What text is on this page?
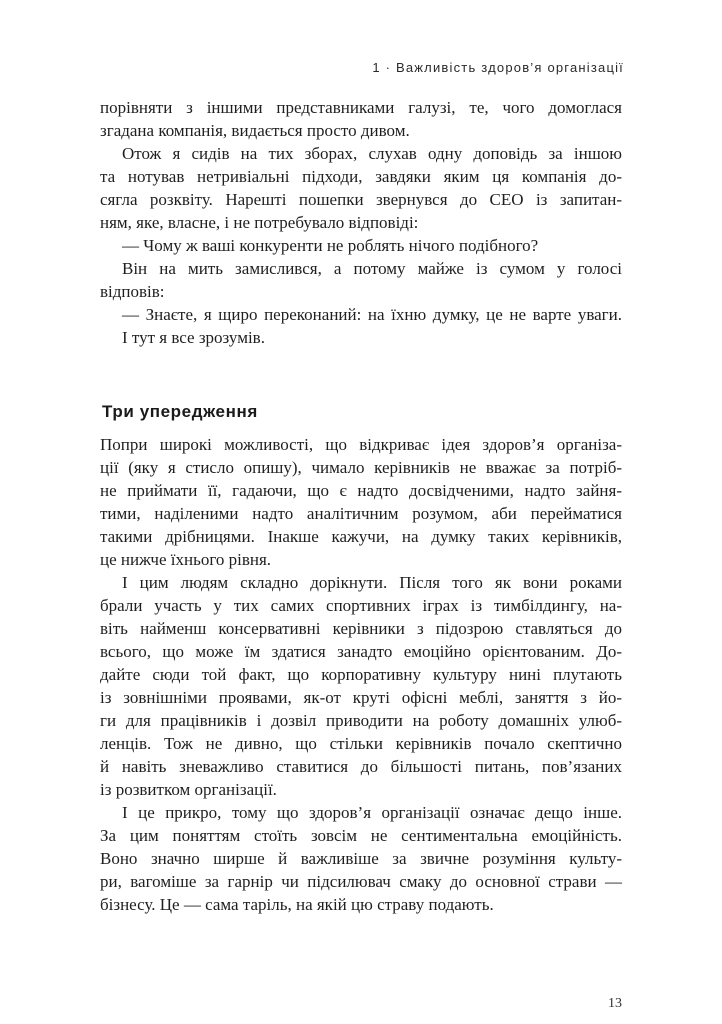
1 · Важливість здоров’я організації
порівняти з іншими представниками галузі, те, чого домоглася
згадана компанія, видається просто дивом.
Отож я сидів на тих зборах, слухав одну доповідь за іншою
та нотував нетривіальні підходи, завдяки яким ця компанія до-
сягла розквіту. Нарешті пошепки звернувся до CEO із запитан-
ням, яке, власне, і не потребувало відповіді:
— Чому ж ваші конкуренти не роблять нічого подібного?
Він на мить замислився, а потому майже із сумом у голосі
відповів:
— Знаєте, я щиро переконаний: на їхню думку, це не варте уваги.
І тут я все зрозумів.
Три упередження
Попри широкі можливості, що відкриває ідея здоров’я організа-
ції (яку я стисло опишу), чимало керівників не вважає за потріб-
не приймати її, гадаючи, що є надто досвідченими, надто зайня-
тими, наділеними надто аналітичним розумом, аби перейматися
такими дрібницями. Інакше кажучи, на думку таких керівників,
це нижче їхнього рівня.
І цим людям складно дорікнути. Після того як вони роками
брали участь у тих самих спортивних іграх із тимбілдингу, на-
віть найменш консервативні керівники з підозрою ставляться до
всього, що може їм здатися занадто емоційно орієнтованим. До-
дайте сюди той факт, що корпоративну культуру нині плутають
із зовнішніми проявами, як-от круті офісні меблі, заняття з йо-
ги для працівників і дозвіл приводити на роботу домашніх улюб-
ленців. Тож не дивно, що стільки керівників почало скептично
й навіть зневажливо ставитися до більшості питань, пов’язаних
із розвитком організації.
І це прикро, тому що здоров’я організації означає дещо інше.
За цим поняттям стоїть зовсім не сентиментальна емоційність.
Воно значно ширше й важливіше за звичне розуміння культу-
ри, вагоміше за гарнір чи підсилювач смаку до основної страви —
бізнесу. Це — сама таріль, на якій цю страву подають.
13
